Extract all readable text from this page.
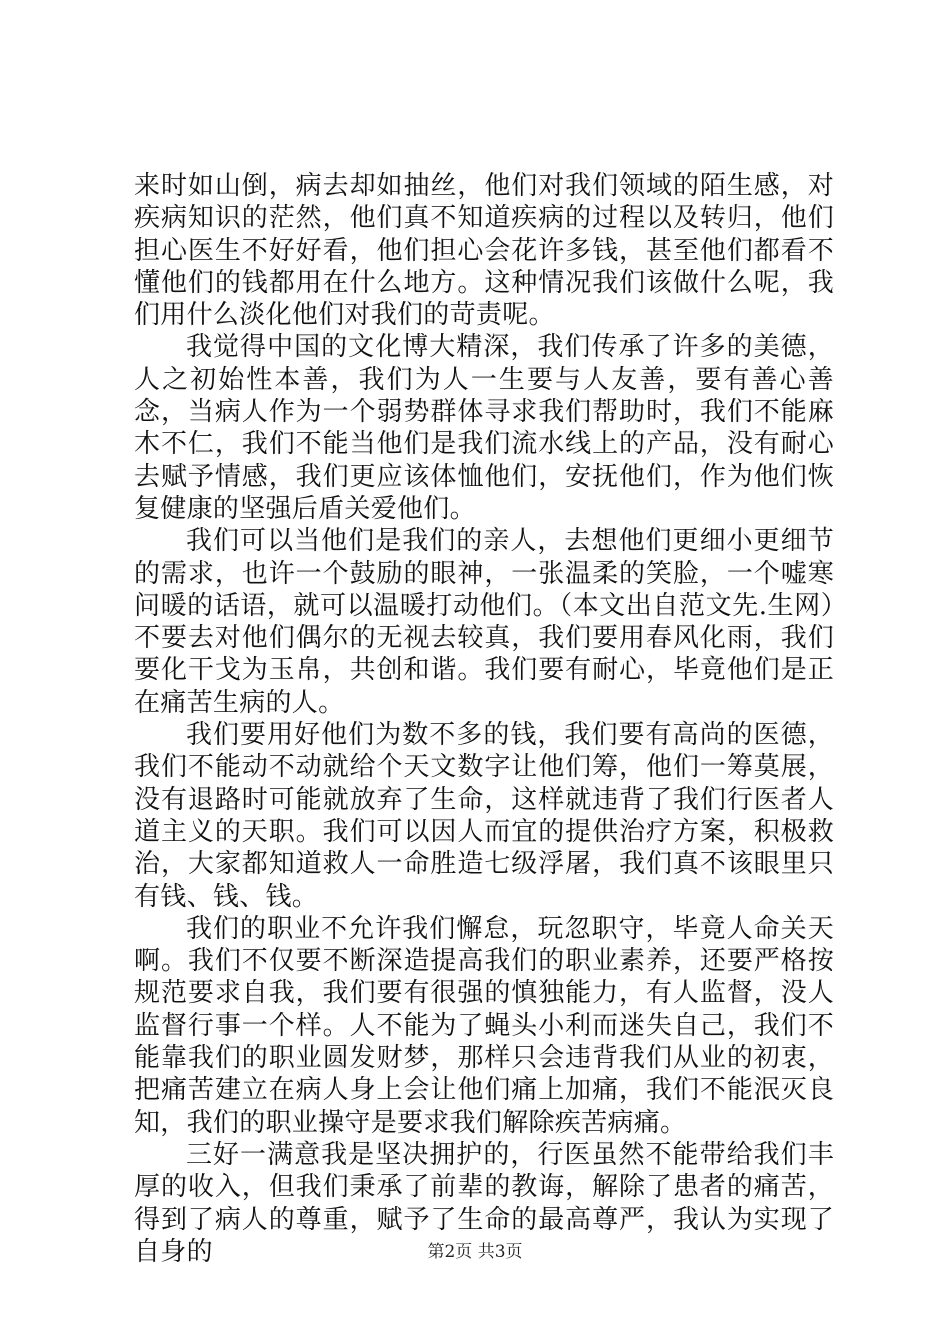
来时如山倒，病去却如抽丝，他们对我们领域的陌生感，对疾病知识的茫然，他们真不知道疾病的过程以及转归，他们担心医生不好好看，他们担心会花许多钱，甚至他们都看不懂他们的钱都用在什么地方。这种情况我们该做什么呢，我们用什么淡化他们对我们的苛责呢。

我觉得中国的文化博大精深，我们传承了许多的美德，人之初始性本善，我们为人一生要与人友善，要有善心善念，当病人作为一个弱势群体寻求我们帮助时，我们不能麻木不仁，我们不能当他们是我们流水线上的产品，没有耐心去赋予情感，我们更应该体恤他们，安抚他们，作为他们恢复健康的坚强后盾关爱他们。

我们可以当他们是我们的亲人，去想他们更细小更细节的需求，也许一个鼓励的眼神，一张温柔的笑脸，一个嘘寒问暖的话语，就可以温暖打动他们。（本文出自范文先.生网）不要去对他们偶尔的无视去较真，我们要用春风化雨，我们要化干戈为玉帛，共创和谐。我们要有耐心，毕竟他们是正在痛苦生病的人。

我们要用好他们为数不多的钱，我们要有高尚的医德，我们不能动不动就给个天文数字让他们筹，他们一筹莫展，没有退路时可能就放弃了生命，这样就违背了我们行医者人道主义的天职。我们可以因人而宜的提供治疗方案，积极救治，大家都知道救人一命胜造七级浮屠，我们真不该眼里只有钱、钱、钱。

我们的职业不允许我们懈怠，玩忽职守，毕竟人命关天啊。我们不仅要不断深造提高我们的职业素养，还要严格按规范要求自我，我们要有很强的慎独能力，有人监督，没人监督行事一个样。人不能为了蝇头小利而迷失自己，我们不能靠我们的职业圆发财梦，那样只会违背我们从业的初衷，把痛苦建立在病人身上会让他们痛上加痛，我们不能泯灭良知，我们的职业操守是要求我们解除疾苦病痛。

三好一满意我是坚决拥护的，行医虽然不能带给我们丰厚的收入，但我们秉承了前辈的教诲，解除了患者的痛苦，得到了病人的尊重，赋予了生命的最高尊严，我认为实现了自身的	第2页 共3页
